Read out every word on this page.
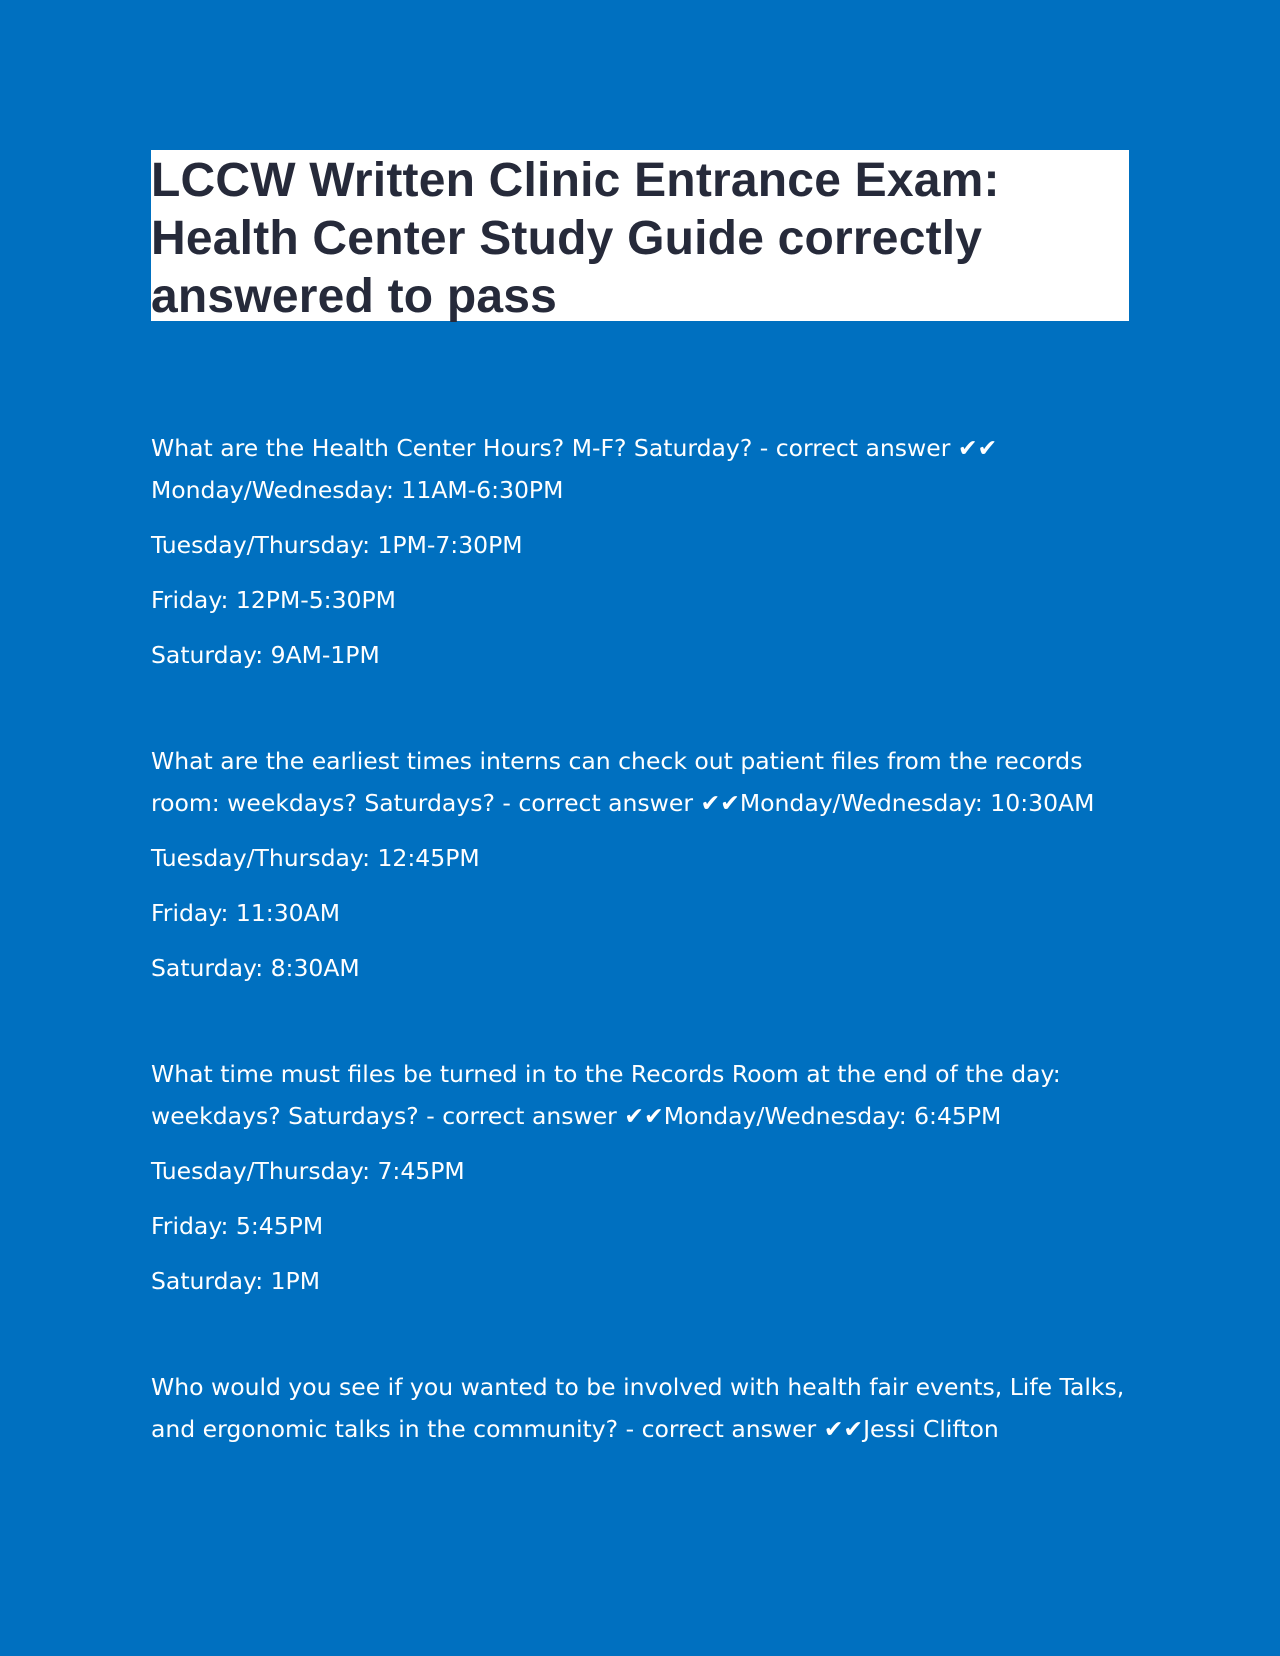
LCCW Written Clinic Entrance Exam: Health Center Study Guide correctly answered to pass

What are the Health Center Hours? M-F? Saturday? - correct answer ✔✔Monday/Wednesday: 11AM-6:30PM

Tuesday/Thursday: 1PM-7:30PM
Friday: 12PM-5:30PM
Saturday: 9AM-1PM

What are the earliest times interns can check out patient files from the records room: weekdays? Saturdays? - correct answer ✔✔Monday/Wednesday: 10:30AM

Tuesday/Thursday: 12:45PM
Friday: 11:30AM
Saturday: 8:30AM

What time must files be turned in to the Records Room at the end of the day: weekdays? Saturdays? - correct answer ✔✔Monday/Wednesday: 6:45PM

Tuesday/Thursday: 7:45PM
Friday: 5:45PM
Saturday: 1PM

Who would you see if you wanted to be involved with health fair events, Life Talks, and ergonomic talks in the community? - correct answer ✔✔Jessi Clifton
